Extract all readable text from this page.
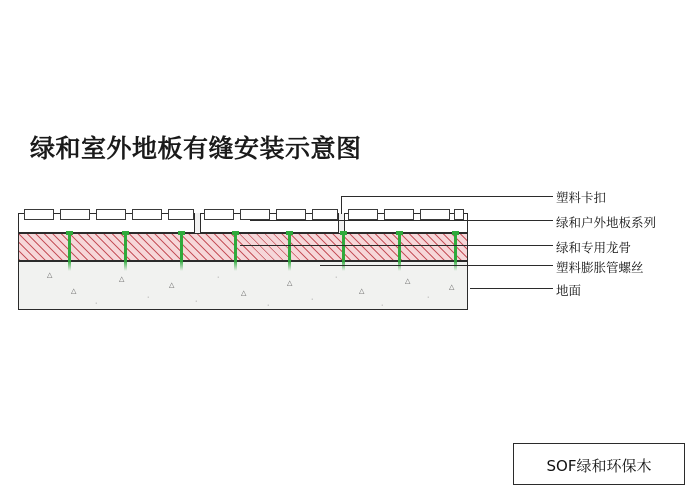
绿和室外地板有缝安装示意图
△
△
·
△
·
△
·
·
△
·
△
·
·
△
·
△
·
△
塑料卡扣
绿和户外地板系列
绿和专用龙骨
塑料膨胀管螺丝
地面
SOF绿和环保木
